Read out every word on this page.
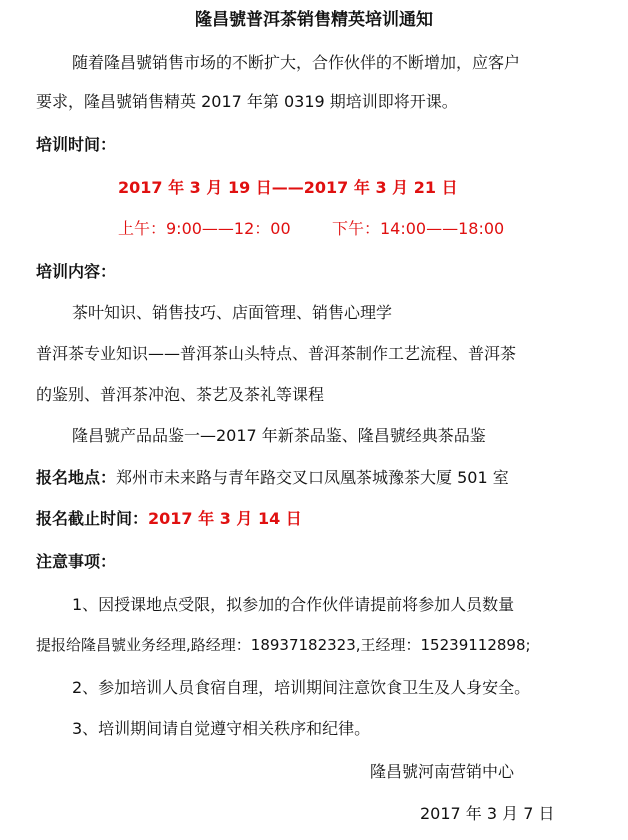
隆昌號普洱茶销售精英培训通知
随着隆昌號销售市场的不断扩大，合作伙伴的不断增加，应客户
要求，隆昌號销售精英 2017 年第 0319 期培训即将开课。
培训时间：
2017 年 3 月 19 日——2017 年 3 月 21 日
上午：9:00——12：00	下午：14:00——18:00
培训内容：
茶叶知识、销售技巧、店面管理、销售心理学
普洱茶专业知识——普洱茶山头特点、普洱茶制作工艺流程、普洱茶
的鉴别、普洱茶冲泡、茶艺及茶礼等课程
隆昌號产品品鉴一—2017 年新茶品鉴、隆昌號经典茶品鉴
报名地点：郑州市未来路与青年路交叉口凤凰茶城豫茶大厦 501 室
报名截止时间：2017 年 3 月 14 日
注意事项：
1、因授课地点受限，拟参加的合作伙伴请提前将参加人员数量
提报给隆昌號业务经理,路经理：18937182323,王经理：15239112898;
2、参加培训人员食宿自理，培训期间注意饮食卫生及人身安全。
3、培训期间请自觉遵守相关秩序和纪律。
隆昌號河南营销中心
2017 年 3 月 7 日
